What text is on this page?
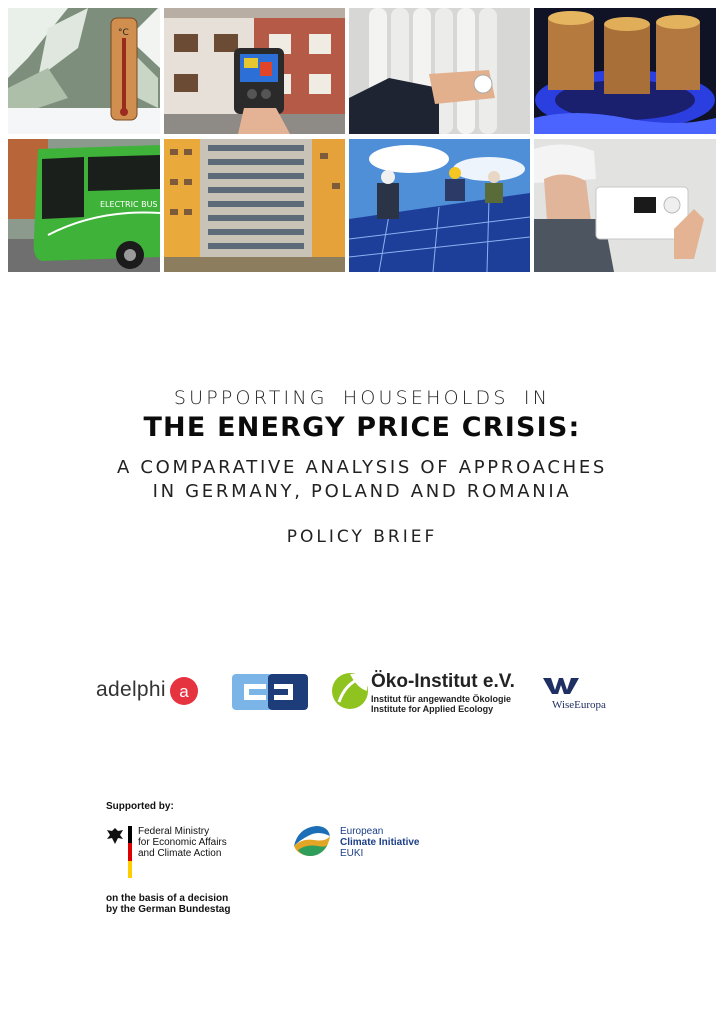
°C
ELECTRIC BUS
SUPPORTING HOUSEHOLDS IN
THE ENERGY PRICE CRISIS:
A COMPARATIVE ANALYSIS OF APPROACHES
IN GERMANY, POLAND AND ROMANIA
POLICY BRIEF
adelphi a	Öko-Institut e.V.
Institut für angewandte Ökologie
Institute for Applied Ecology	WiseEuropa
Supported by:
Federal Ministry
for Economic Affairs
and Climate Action
on the basis of a decision
by the German Bundestag
European
Climate Initiative
EUKI
